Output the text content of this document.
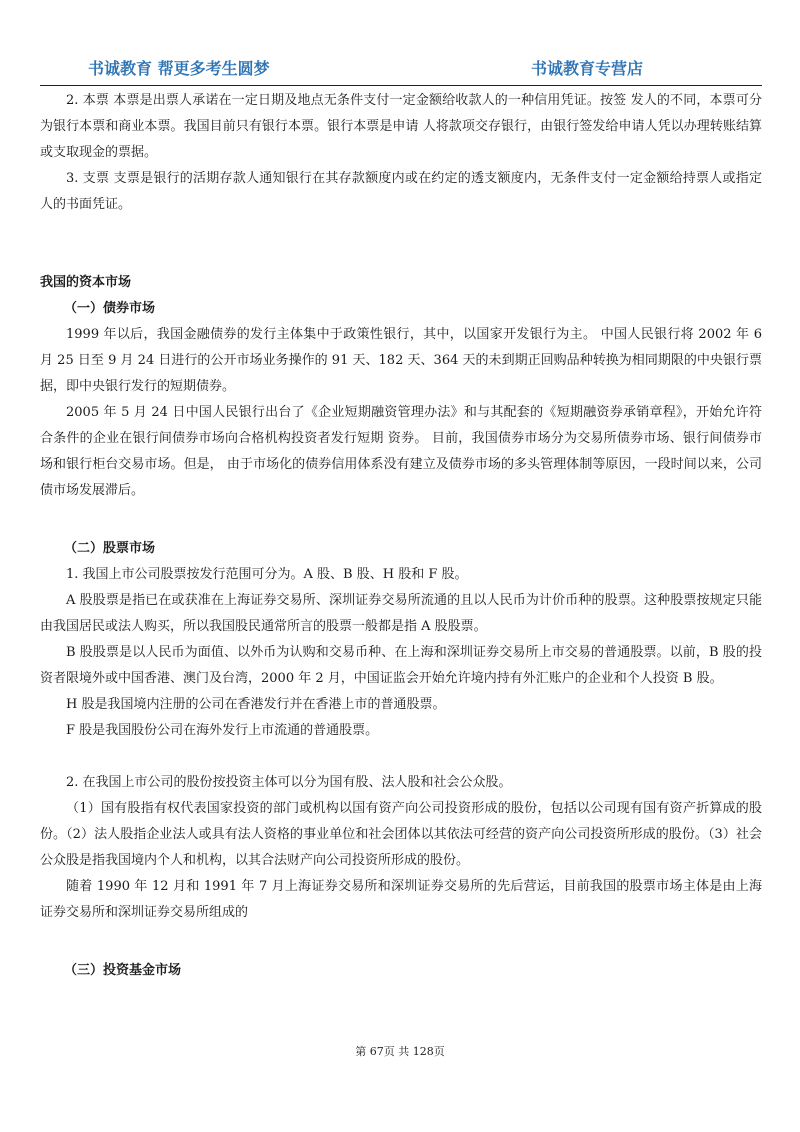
书诚教育 帮更多考生圆梦	书诚教育专营店

2. 本票 本票是出票人承诺在一定日期及地点无条件支付一定金额给收款人的一种信用凭证。按签 发人的不同，本票可分为银行本票和商业本票。我国目前只有银行本票。银行本票是申请 人将款项交存银行，由银行签发给申请人凭以办理转账结算或支取现金的票据。

3. 支票 支票是银行的活期存款人通知银行在其存款额度内或在约定的透支额度内，无条件支付一定金额给持票人或指定人的书面凭证。

我国的资本市场

（一）债券市场

1999 年以后，我国金融债券的发行主体集中于政策性银行，其中，以国家开发银行为主。 中国人民银行将 2002 年 6 月 25 日至 9 月 24 日进行的公开市场业务操作的 91 天、182 天、364 天的未到期正回购品种转换为相同期限的中央银行票据，即中央银行发行的短期债券。

2005 年 5 月 24 日中国人民银行出台了《企业短期融资管理办法》和与其配套的《短期融资券承销章程》，开始允许符合条件的企业在银行间债券市场向合格机构投资者发行短期 资券。 目前，我国债券市场分为交易所债券市场、银行间债券市场和银行柜台交易市场。但是， 由于市场化的债券信用体系没有建立及债券市场的多头管理体制等原因，一段时间以来，公司债市场发展滞后。

（二）股票市场

1. 我国上市公司股票按发行范围可分为。A 股、B 股、H 股和 F 股。

A 股股票是指已在或获准在上海证券交易所、深圳证券交易所流通的且以人民币为计价币种的股票。这种股票按规定只能由我国居民或法人购买，所以我国股民通常所言的股票一般都是指 A 股股票。

B 股股票是以人民币为面值、以外币为认购和交易币种、在上海和深圳证券交易所上市交易的普通股票。以前，B 股的投资者限境外或中国香港、澳门及台湾，2000 年 2 月，中国证监会开始允许境内持有外汇账户的企业和个人投资 B 股。

H 股是我国境内注册的公司在香港发行并在香港上市的普通股票。

F 股是我国股份公司在海外发行上市流通的普通股票。

2. 在我国上市公司的股份按投资主体可以分为国有股、法人股和社会公众股。

（1）国有股指有权代表国家投资的部门或机构以国有资产向公司投资形成的股份，包括以公司现有国有资产折算成的股份。（2）法人股指企业法人或具有法人资格的事业单位和社会团体以其依法可经营的资产向公司投资所形成的股份。（3）社会公众股是指我国境内个人和机构，以其合法财产向公司投资所形成的股份。

随着 1990 年 12 月和 1991 年 7 月上海证券交易所和深圳证券交易所的先后营运，目前我国的股票市场主体是由上海证券交易所和深圳证券交易所组成的

（三）投资基金市场

第 67页 共 128页
